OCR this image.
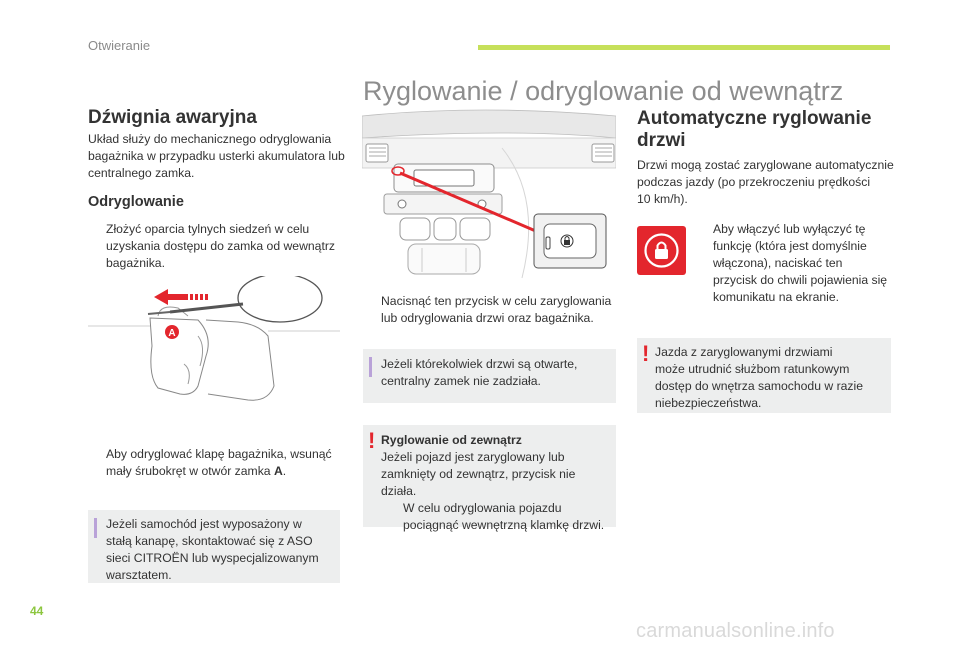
Otwieranie
Ryglowanie / odryglowanie od wewnątrz
Dźwignia awaryjna
Układ służy do mechanicznego odryglowania
bagażnika w przypadku usterki akumulatora lub
centralnego zamka.
Odryglowanie
Złożyć oparcia tylnych siedzeń w celu
uzyskania dostępu do zamka od wewnątrz
bagażnika.
A
Aby odryglować klapę bagażnika, wsunąć
mały śrubokręt w otwór zamka A.
Jeżeli samochód jest wyposażony w
stałą kanapę, skontaktować się z ASO
sieci CITROËN lub wyspecjalizowanym
warsztatem.
Nacisnąć ten przycisk w celu zaryglowania
lub odryglowania drzwi oraz bagażnika.
Jeżeli którekolwiek drzwi są otwarte,
centralny zamek nie zadziała.
! Ryglowanie od zewnątrz
Jeżeli pojazd jest zaryglowany lub
zamknięty od zewnątrz, przycisk nie działa.
W celu odryglowania pojazdu
pociągnąć wewnętrzną klamkę drzwi.
Automatyczne ryglowanie
drzwi
Drzwi mogą zostać zaryglowane automatycznie
podczas jazdy (po przekroczeniu prędkości
10 km/h).
Aby włączyć lub wyłączyć tę
funkcję (która jest domyślnie
włączona), naciskać ten
przycisk do chwili pojawienia się
komunikatu na ekranie.
! Jazda z zaryglowanymi drzwiami
może utrudnić służbom ratunkowym
dostęp do wnętrza samochodu w razie
niebezpieczeństwa.
44
carmanualsonline.info
